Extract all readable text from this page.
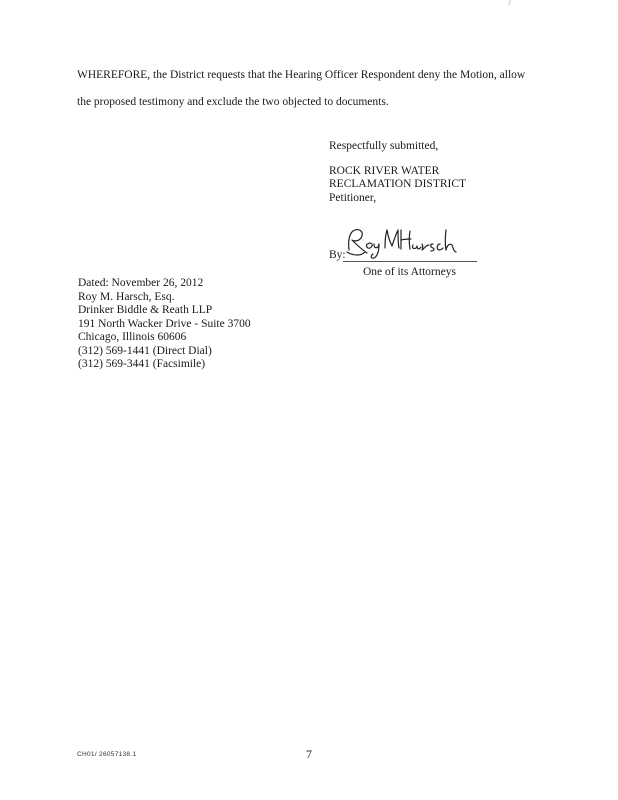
WHEREFORE, the District requests that the Hearing Officer Respondent deny the Motion, allow
the proposed testimony and exclude the two objected to documents.
Respectfully submitted,
ROCK RIVER WATER
RECLAMATION DISTRICT
Petitioner,
By:
One of its Attorneys
Dated: November 26, 2012
Roy M. Harsch, Esq.
Drinker Biddle & Reath LLP
191 North Wacker Drive - Suite 3700
Chicago, Illinois 60606
(312) 569-1441 (Direct Dial)
(312) 569-3441 (Facsimile)
CH01/ 26057138.1	7
